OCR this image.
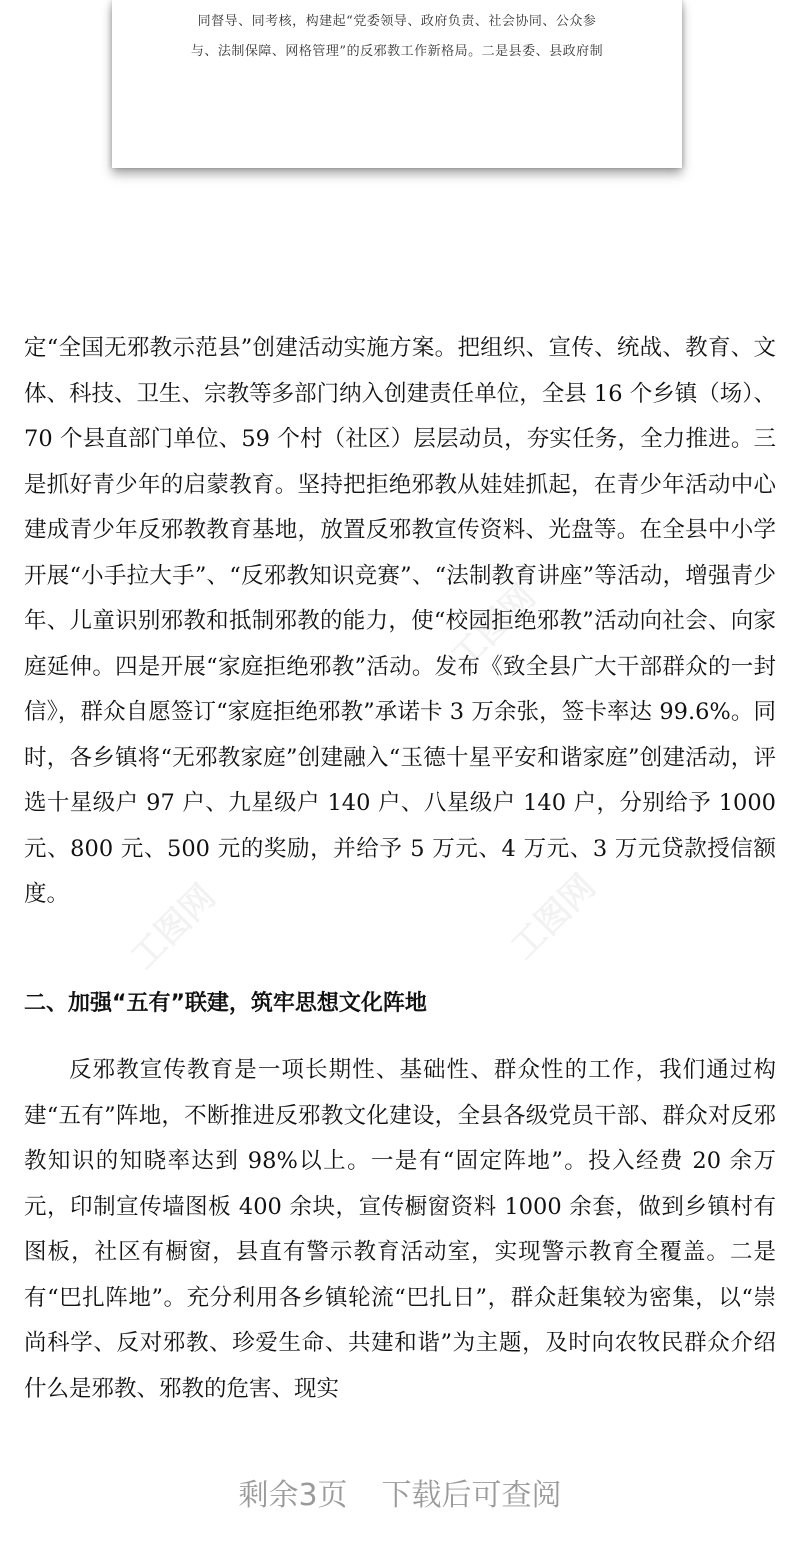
同督导、同考核，构建起“党委领导、政府负责、社会协同、公众参
与、法制保障、网格管理”的反邪教工作新格局。二是县委、县政府制
工图网	工图网
工图网
定“全国无邪教示范县”创建活动实施方案。把组织、宣传、统战、教育、文体、科技、卫生、宗教等多部门纳入创建责任单位，全县 16 个乡镇（场）、70 个县直部门单位、59 个村（社区）层层动员，夯实任务，全力推进。三是抓好青少年的启蒙教育。坚持把拒绝邪教从娃娃抓起，在青少年活动中心建成青少年反邪教教育基地，放置反邪教宣传资料、光盘等。在全县中小学开展“小手拉大手”、“反邪教知识竞赛”、“法制教育讲座”等活动，增强青少年、儿童识别邪教和抵制邪教的能力，使“校园拒绝邪教”活动向社会、向家庭延伸。四是开展“家庭拒绝邪教”活动。发布《致全县广大干部群众的一封信》，群众自愿签订“家庭拒绝邪教”承诺卡 3 万余张，签卡率达 99.6%。同时，各乡镇将“无邪教家庭”创建融入“玉德十星平安和谐家庭”创建活动，评选十星级户 97 户、九星级户 140 户、八星级户 140 户，分别给予 1000 元、800 元、500 元的奖励，并给予 5 万元、4 万元、3 万元贷款授信额度。
二、加强“五有”联建，筑牢思想文化阵地
反邪教宣传教育是一项长期性、基础性、群众性的工作，我们通过构建“五有”阵地，不断推进反邪教文化建设，全县各级党员干部、群众对反邪教知识的知晓率达到 98%以上。一是有“固定阵地”。投入经费 20 余万元，印制宣传墙图板 400 余块，宣传橱窗资料 1000 余套，做到乡镇村有图板，社区有橱窗，县直有警示教育活动室，实现警示教育全覆盖。二是有“巴扎阵地”。充分利用各乡镇轮流“巴扎日”，群众赶集较为密集，以“崇尚科学、反对邪教、珍爱生命、共建和谐”为主题，及时向农牧民群众介绍什么是邪教、邪教的危害、现实
剩余3页 下载后可查阅
